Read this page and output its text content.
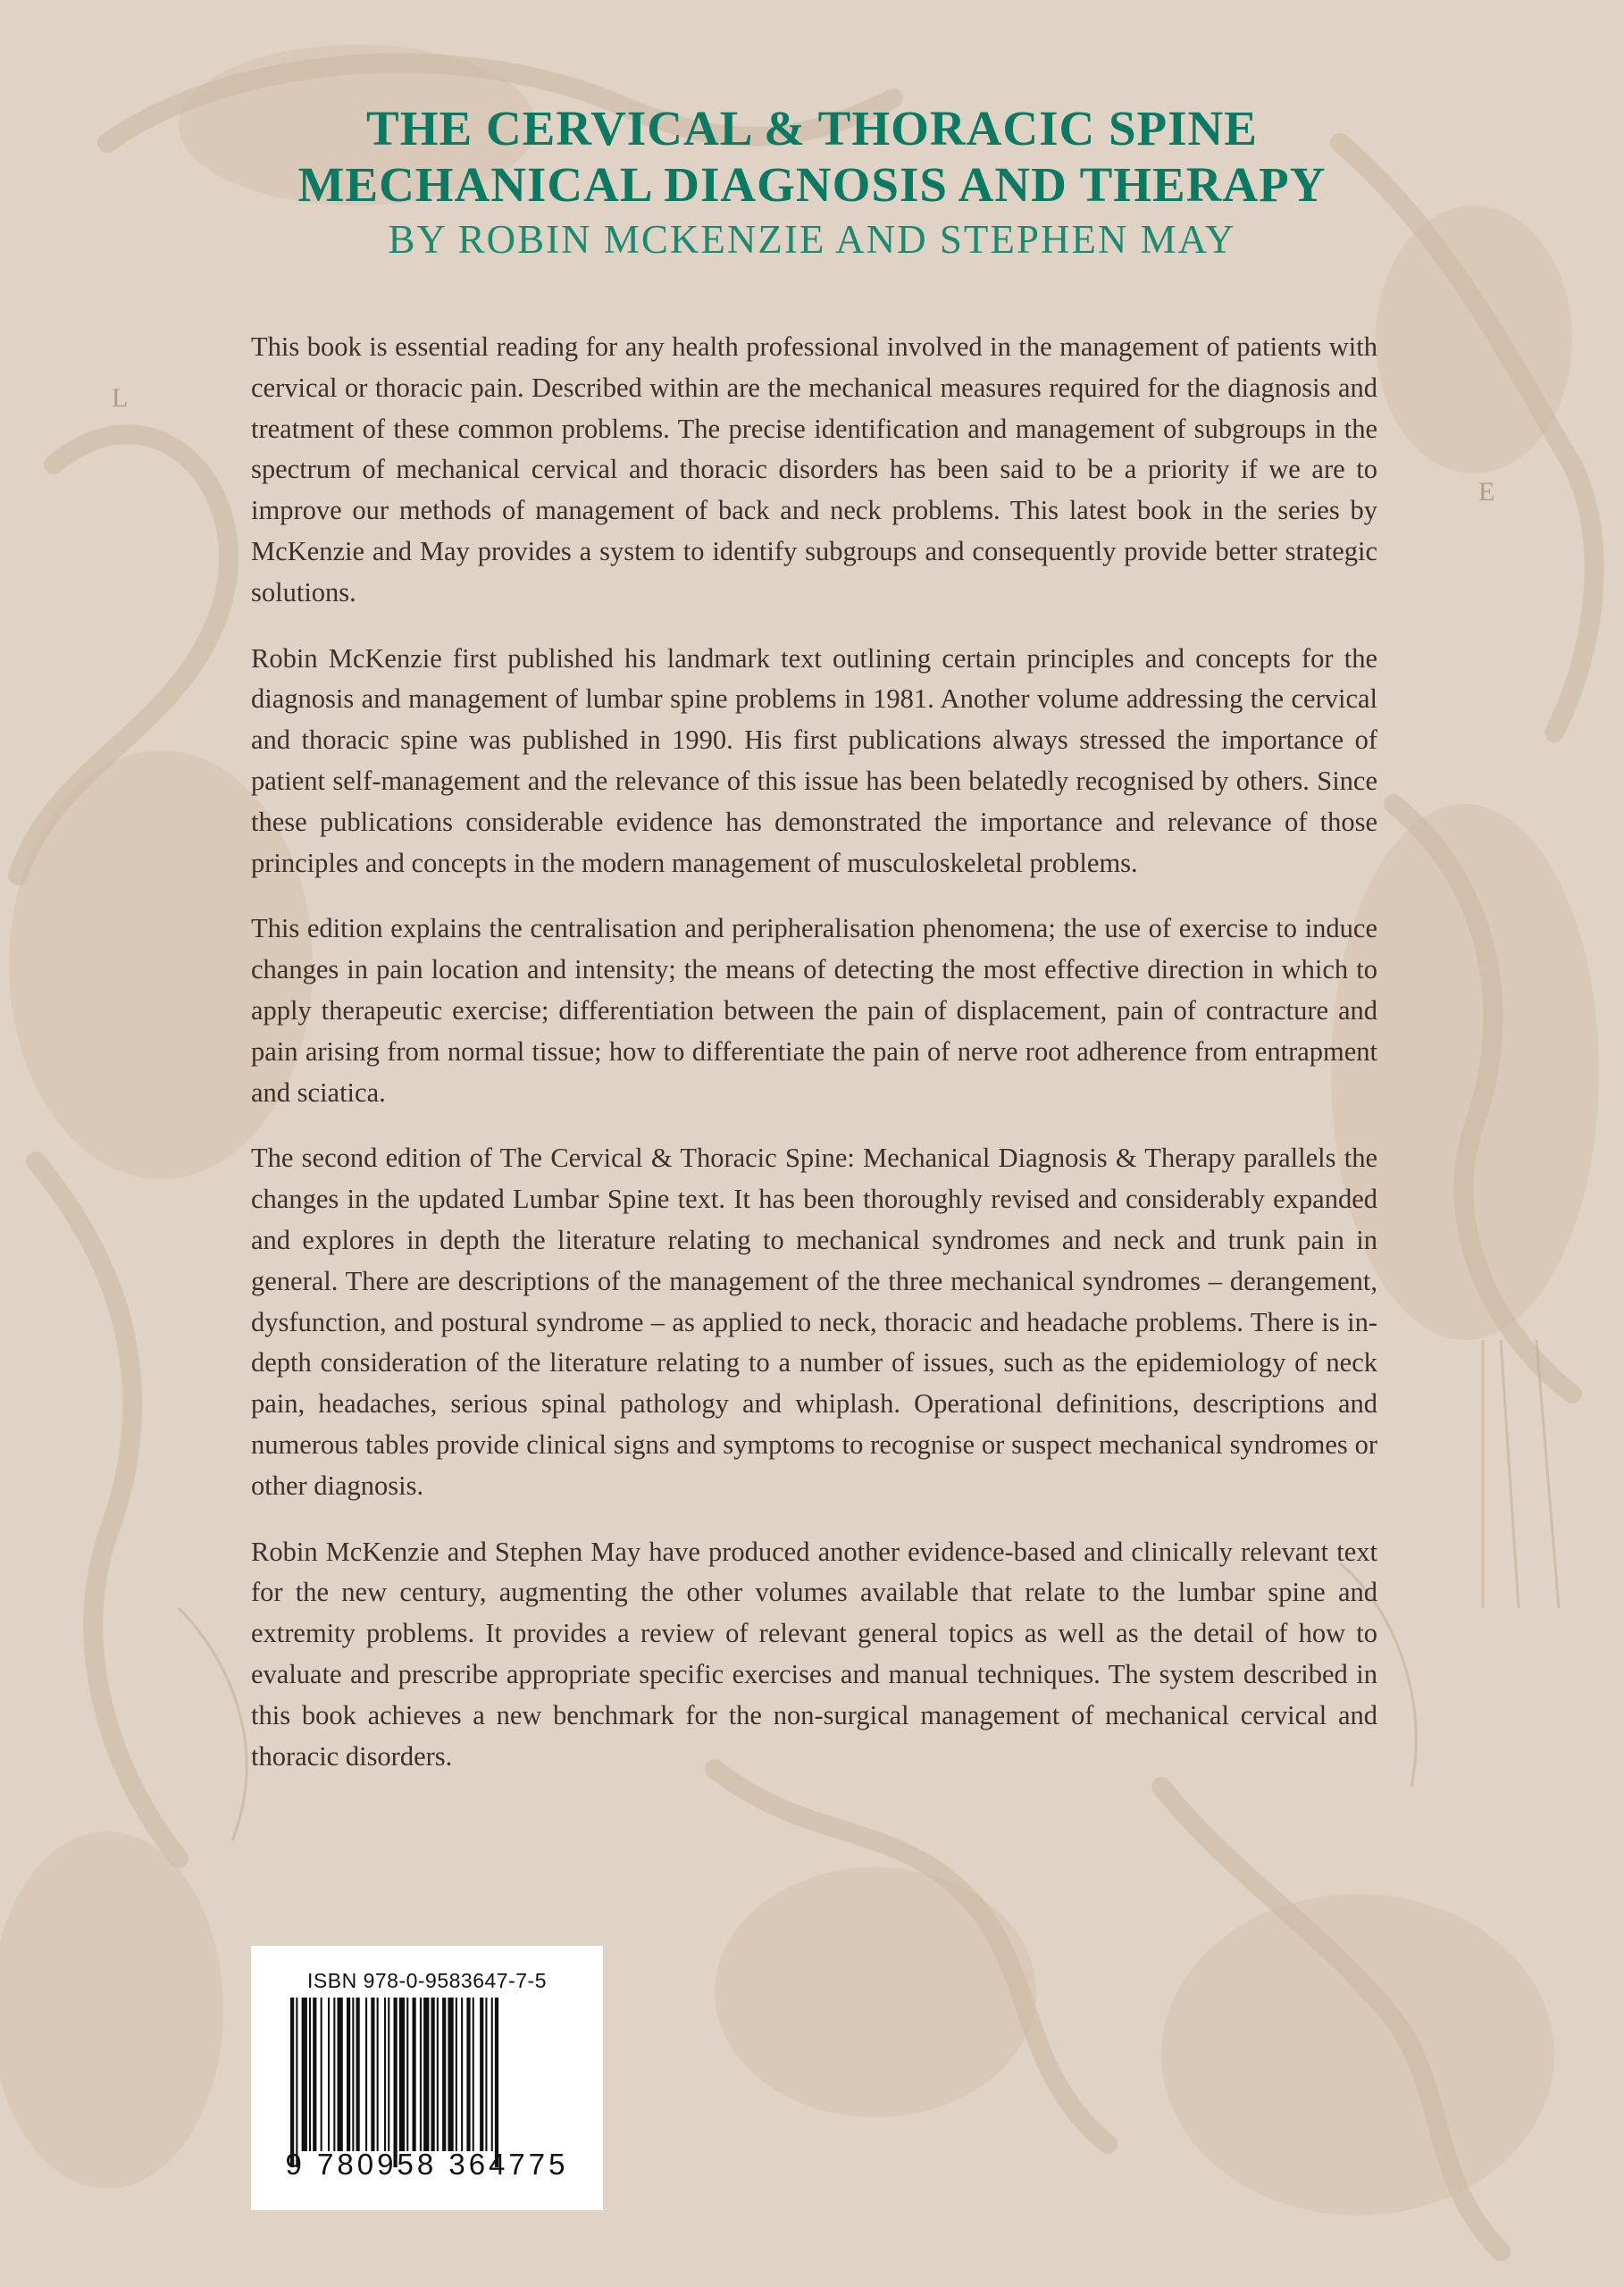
L
E
THE CERVICAL & THORACIC SPINE
MECHANICAL DIAGNOSIS AND THERAPY

BY ROBIN MCKENZIE AND STEPHEN MAY

This book is essential reading for any health professional involved in the management of patients with cervical or thoracic pain. Described within are the mechanical measures required for the diagnosis and treatment of these common problems. The precise identification and management of subgroups in the spectrum of mechanical cervical and thoracic disorders has been said to be a priority if we are to improve our methods of management of back and neck problems. This latest book in the series by McKenzie and May provides a system to identify subgroups and consequently provide better strategic solutions.

Robin McKenzie first published his landmark text outlining certain principles and concepts for the diagnosis and management of lumbar spine problems in 1981. Another volume addressing the cervical and thoracic spine was published in 1990. His first publications always stressed the importance of patient self-management and the relevance of this issue has been belatedly recognised by others. Since these publications considerable evidence has demonstrated the importance and relevance of those principles and concepts in the modern management of musculoskeletal problems.

This edition explains the centralisation and peripheralisation phenomena; the use of exercise to induce changes in pain location and intensity; the means of detecting the most effective direction in which to apply therapeutic exercise; differentiation between the pain of displacement, pain of contracture and pain arising from normal tissue; how to differentiate the pain of nerve root adherence from entrapment and sciatica.

The second edition of The Cervical & Thoracic Spine: Mechanical Diagnosis & Therapy parallels the changes in the updated Lumbar Spine text. It has been thoroughly revised and considerably expanded and explores in depth the literature relating to mechanical syndromes and neck and trunk pain in general. There are descriptions of the management of the three mechanical syndromes – derangement, dysfunction, and postural syndrome – as applied to neck, thoracic and headache problems. There is in-depth consideration of the literature relating to a number of issues, such as the epidemiology of neck pain, headaches, serious spinal pathology and whiplash. Operational definitions, descriptions and numerous tables provide clinical signs and symptoms to recognise or suspect mechanical syndromes or other diagnosis.

Robin McKenzie and Stephen May have produced another evidence-based and clinically relevant text for the new century, augmenting the other volumes available that relate to the lumbar spine and extremity problems. It provides a review of relevant general topics as well as the detail of how to evaluate and prescribe appropriate specific exercises and manual techniques. The system described in this book achieves a new benchmark for the non-surgical management of mechanical cervical and thoracic disorders.

ISBN 978-0-9583647-7-5
9 780958 364775
